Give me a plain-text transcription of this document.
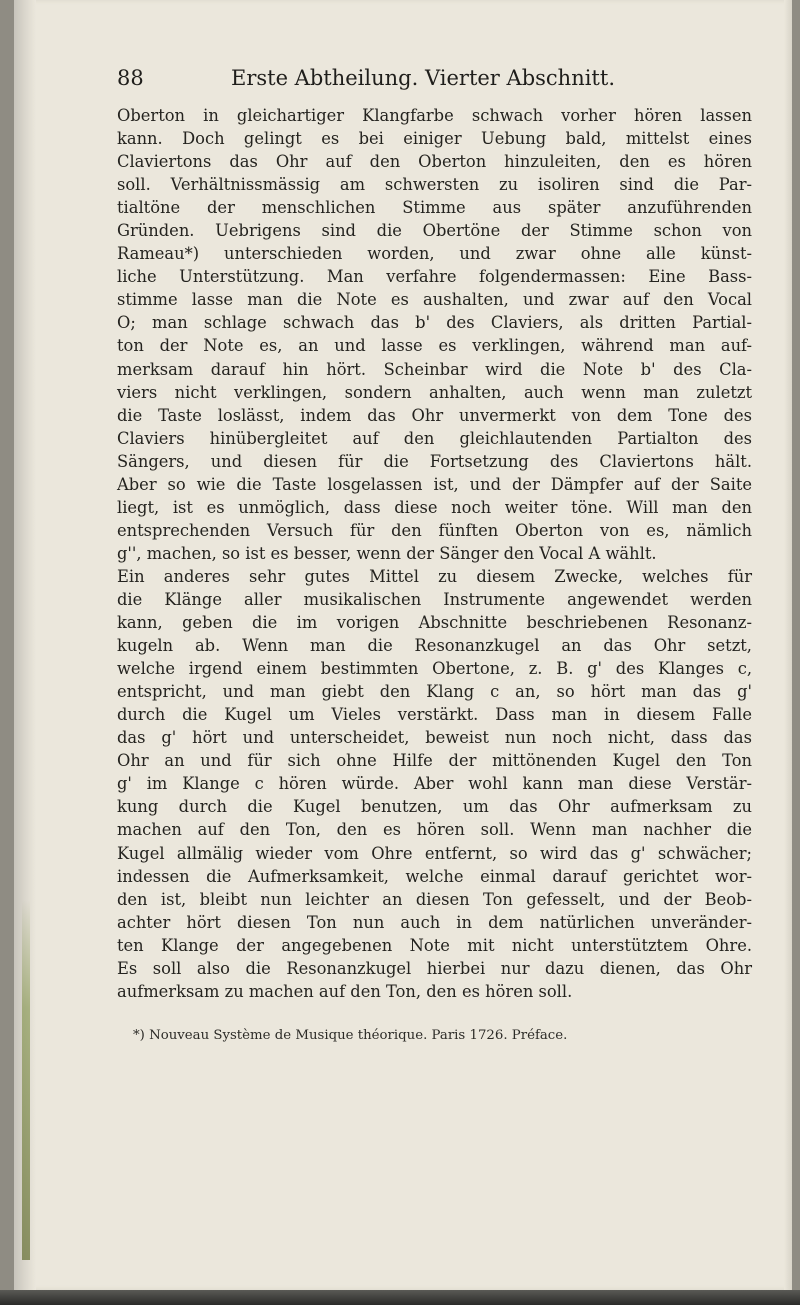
88	Erste Abtheilung. Vierter Abschnitt.
Oberton in gleichartiger Klangfarbe schwach vorher hören lassen
kann. Doch gelingt es bei einiger Uebung bald, mittelst eines
Claviertons das Ohr auf den Oberton hinzuleiten, den es hören
soll. Verhältnissmässig am schwersten zu isoliren sind die Par-
tialtöne der menschlichen Stimme aus später anzuführenden
Gründen. Uebrigens sind die Obertöne der Stimme schon von
Rameau*) unterschieden worden, und zwar ohne alle künst-
liche Unterstützung. Man verfahre folgendermassen: Eine Bass-
stimme lasse man die Note es aushalten, und zwar auf den Vocal
O; man schlage schwach das b' des Claviers, als dritten Partial-
ton der Note es, an und lasse es verklingen, während man auf-
merksam darauf hin hört. Scheinbar wird die Note b' des Cla-
viers nicht verklingen, sondern anhalten, auch wenn man zuletzt
die Taste loslässt, indem das Ohr unvermerkt von dem Tone des
Claviers hinübergleitet auf den gleichlautenden Partialton des
Sängers, und diesen für die Fortsetzung des Claviertons hält.
Aber so wie die Taste losgelassen ist, und der Dämpfer auf der Saite
liegt, ist es unmöglich, dass diese noch weiter töne. Will man den
entsprechenden Versuch für den fünften Oberton von es, nämlich
g'', machen, so ist es besser, wenn der Sänger den Vocal A wählt.
Ein anderes sehr gutes Mittel zu diesem Zwecke, welches für
die Klänge aller musikalischen Instrumente angewendet werden
kann, geben die im vorigen Abschnitte beschriebenen Resonanz-
kugeln ab. Wenn man die Resonanzkugel an das Ohr setzt,
welche irgend einem bestimmten Obertone, z. B. g' des Klanges c,
entspricht, und man giebt den Klang c an, so hört man das g'
durch die Kugel um Vieles verstärkt. Dass man in diesem Falle
das g' hört und unterscheidet, beweist nun noch nicht, dass das
Ohr an und für sich ohne Hilfe der mittönenden Kugel den Ton
g' im Klange c hören würde. Aber wohl kann man diese Verstär-
kung durch die Kugel benutzen, um das Ohr aufmerksam zu
machen auf den Ton, den es hören soll. Wenn man nachher die
Kugel allmälig wieder vom Ohre entfernt, so wird das g' schwächer;
indessen die Aufmerksamkeit, welche einmal darauf gerichtet wor-
den ist, bleibt nun leichter an diesen Ton gefesselt, und der Beob-
achter hört diesen Ton nun auch in dem natürlichen unveränder-
ten Klange der angegebenen Note mit nicht unterstütztem Ohre.
Es soll also die Resonanzkugel hierbei nur dazu dienen, das Ohr
aufmerksam zu machen auf den Ton, den es hören soll.
*) Nouveau Système de Musique théorique. Paris 1726. Préface.
